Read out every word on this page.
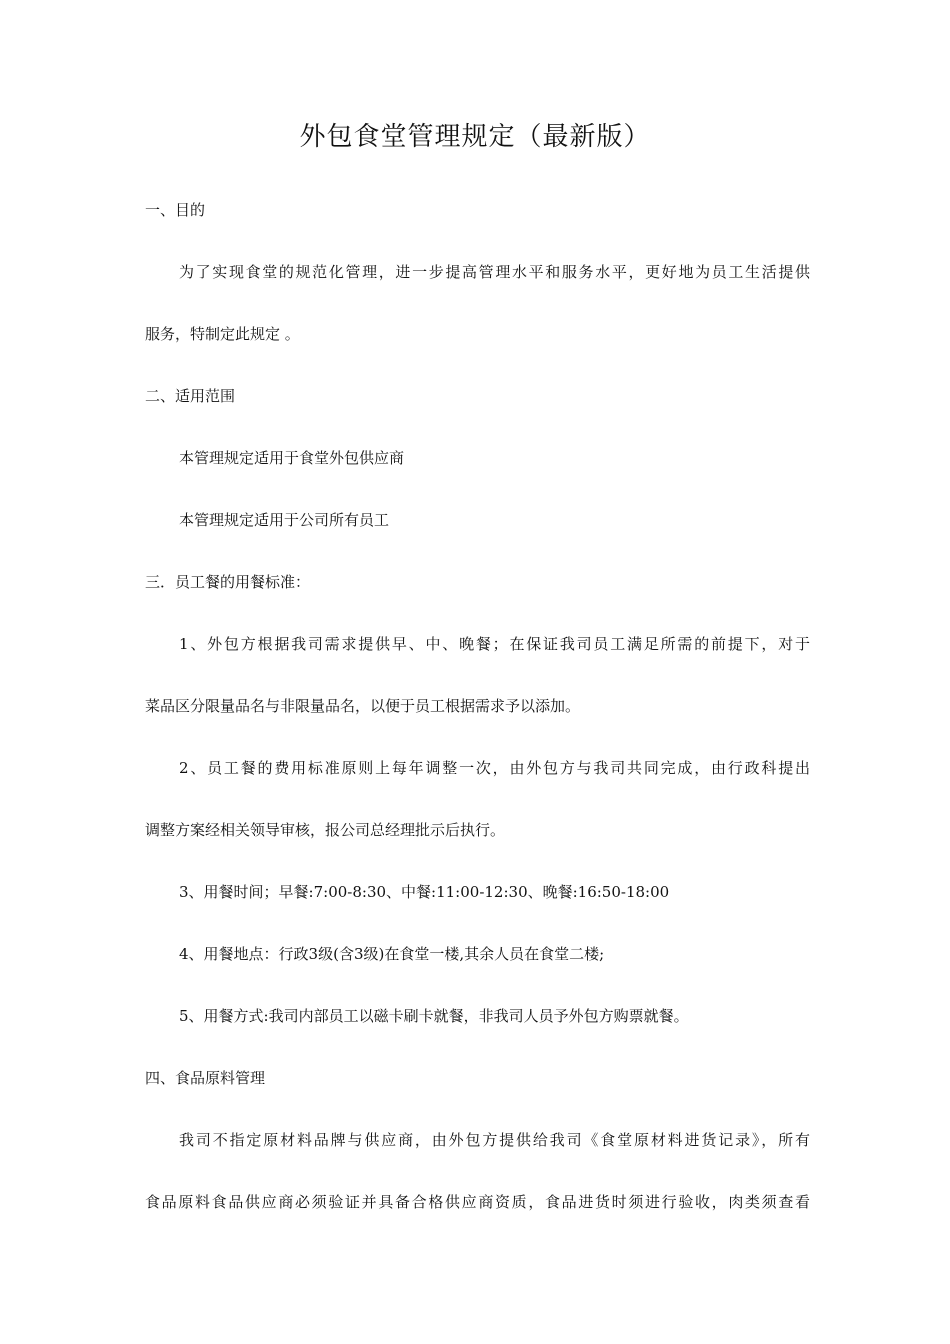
外包食堂管理规定（最新版）
一、目的
为了实现食堂的规范化管理，进一步提高管理水平和服务水平，更好地为员工生活提供
服务，特制定此规定 。
二、适用范围
本管理规定适用于食堂外包供应商
本管理规定适用于公司所有员工
三．员工餐的用餐标准：
1、外包方根据我司需求提供早、中、晚餐；在保证我司员工满足所需的前提下，对于
菜品区分限量品名与非限量品名，以便于员工根据需求予以添加。
2、员工餐的费用标准原则上每年调整一次，由外包方与我司共同完成，由行政科提出
调整方案经相关领导审核，报公司总经理批示后执行。
3、用餐时间；早餐:7:00-8:30、中餐:11:00-12:30、晚餐:16:50-18:00
4、用餐地点：行政3级(含3级)在食堂一楼,其余人员在食堂二楼;
5、用餐方式:我司内部员工以磁卡刷卡就餐，非我司人员予外包方购票就餐。
四、食品原料管理
我司不指定原材料品牌与供应商，由外包方提供给我司《食堂原材料进货记录》，所有
食品原料食品供应商必须验证并具备合格供应商资质，食品进货时须进行验收，肉类须查看
